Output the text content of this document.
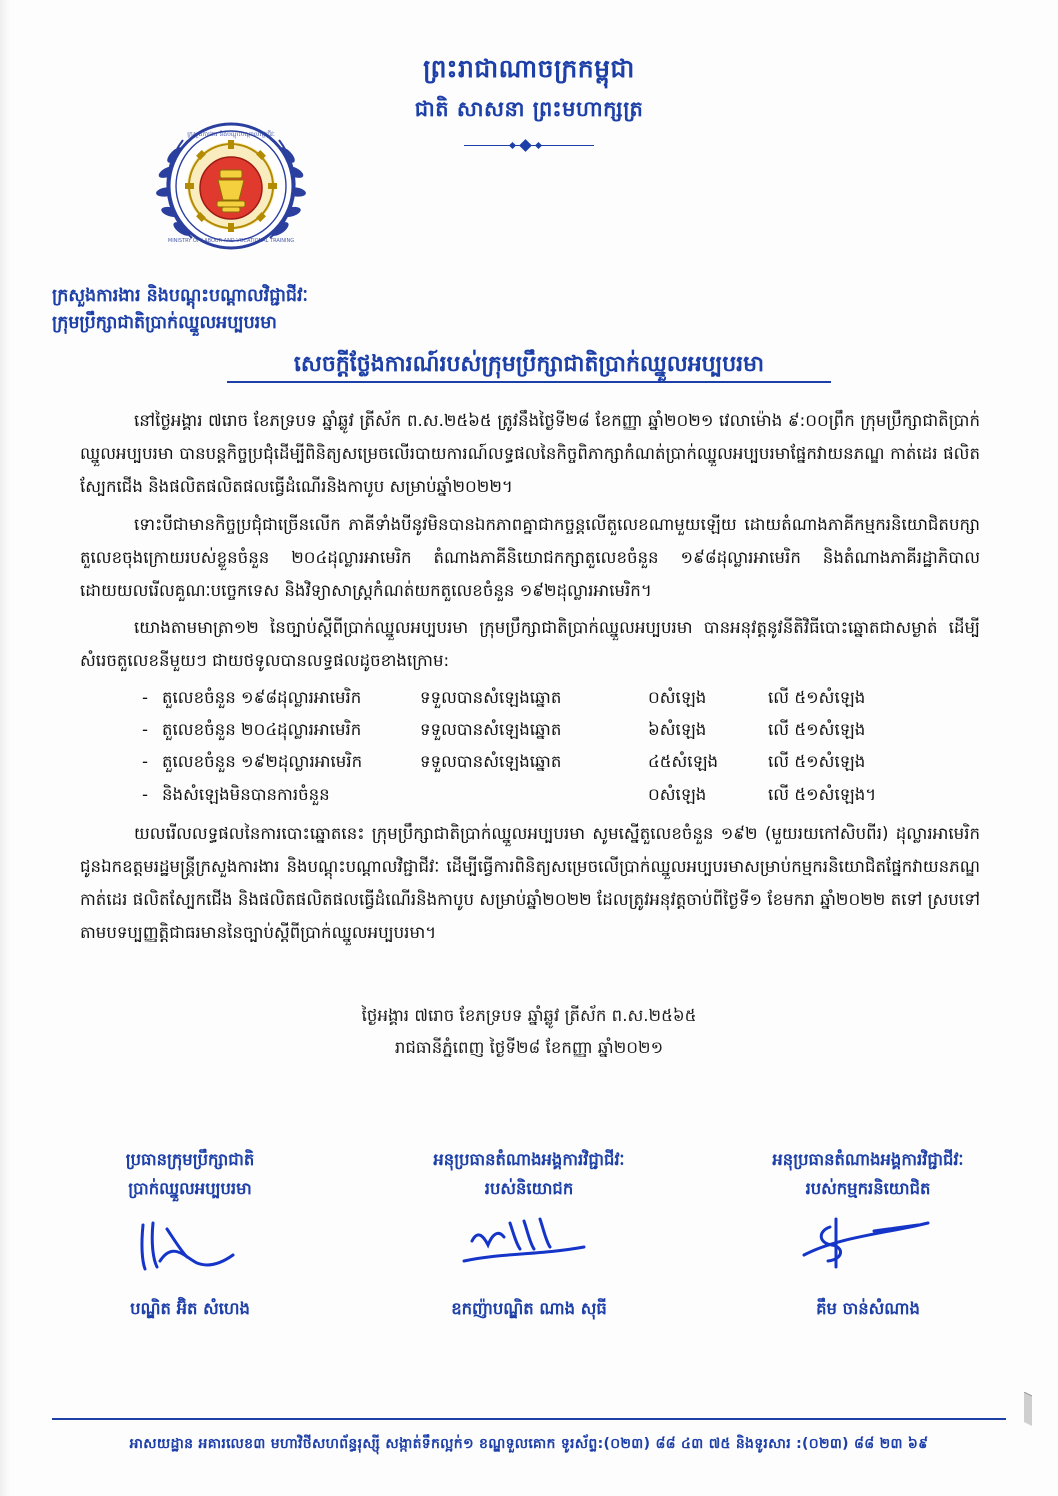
ក្រសួងការងារ និងបណ្តុះបណ្តាលវិជ្ជាជីវៈ
MINISTRY OF LABOUR AND VOCATIONAL TRAINING
ព្រះរាជាណាចក្រកម្ពុជា
ជាតិ សាសនា ព្រះមហាក្សត្រ
ក្រសួងការងារ និងបណ្តុះបណ្តាលវិជ្ជាជីវៈ
ក្រុមប្រឹក្សាជាតិប្រាក់ឈ្នួលអប្បបរមា
សេចក្តីថ្លែងការណ៍របស់ក្រុមប្រឹក្សាជាតិប្រាក់ឈ្នួលអប្បបរមា

នៅថ្ងៃអង្គារ ៧រោច ខែភទ្របទ ឆ្នាំឆ្លូវ ត្រីស័ក ព.ស.២៥៦៥ ត្រូវនឹងថ្ងៃទី២៨ ខែកញ្ញា ឆ្នាំ២០២១ វេលាម៉ោង ៩:០០ព្រឹក ក្រុមប្រឹក្សាជាតិប្រាក់ឈ្នួលអប្បបរមា បានបន្តកិច្ចប្រជុំដើម្បីពិនិត្យសម្រេចលើរបាយការណ៍លទ្ធផលនៃកិច្ចពិភាក្សាកំណត់ប្រាក់ឈ្នួលអប្បបរមាផ្នែកវាយនភណ្ឌ កាត់ដេរ ផលិតស្បែកជើង និងផលិតផលិតផលធ្វើដំណើរនិងកាបូប សម្រាប់ឆ្នាំ២០២២។

ទោះបីជាមានកិច្ចប្រជុំជាច្រើនលើក ភាគីទាំងបីនូវមិនបានឯកភាពគ្នាជាកច្ចន្តលើតួលេខណាមួយឡើយ ដោយតំណាងភាគីកម្មករនិយោជិតបក្សាតួលេខចុងក្រោយរបស់ខ្លួនចំនួន ២០៤ដុល្លារអាមេរិក តំណាងភាគីនិយោជកក្សាតួលេខចំនួន ១៩៨ដុល្លារអាមេរិក និងតំណាងភាគីរដ្ឋាភិបាល ដោយយលរើលគួណៈបច្ចេកទេស និងវិទ្យាសាស្ត្រកំណត់យកតួលេខចំនួន ១៩២ដុល្លារអាមេរិក។

យោងតាមមាត្រា១២ នៃច្បាប់ស្តីពីប្រាក់ឈ្នួលអប្បបរមា ក្រុមប្រឹក្សាជាតិប្រាក់ឈ្នួលអប្បបរមា បានអនុវត្តនូវនីតិវិធីបោះឆ្នោតជាសម្ងាត់ ដើម្បីសំរេចតួលេខនីមួយៗ ជាយថទូលបានលទ្ធផលដូចខាងក្រោម:

- តួលេខចំនួន ១៩៨ដុល្លារអាមេរិក	ទទួលបានសំឡេងឆ្នោត	០សំឡេង	លើ ៥១សំឡេង
- តួលេខចំនួន ២០៤ដុល្លារអាមេរិក	ទទួលបានសំឡេងឆ្នោត	៦សំឡេង	លើ ៥១សំឡេង
- តួលេខចំនួន ១៩២ដុល្លារអាមេរិក	ទទួលបានសំឡេងឆ្នោត	៤៥សំឡេង	លើ ៥១សំឡេង
- និងសំឡេងមិនបានការចំនួន	០សំឡេង	លើ ៥១សំឡេង។

យលរើលលទ្ធផលនៃការបោះឆ្នោតនេះ ក្រុមប្រឹក្សាជាតិប្រាក់ឈ្នួលអប្បបរមា សូមស្នើតួលេខចំនួន ១៩២ (មួយរយកៅសិបពីរ) ដុល្លារអាមេរិក ជូនឯកឧត្តមរដ្ឋមន្ត្រីក្រសួងការងារ និងបណ្តុះបណ្តាលវិជ្ជាជីវៈ ដើម្បីធ្វើការពិនិត្យសម្រេចលើប្រាក់ឈ្នួលអប្បបរមាសម្រាប់កម្មករនិយោជិតផ្នែកវាយនភណ្ឌ កាត់ដេរ ផលិតស្បែកជើង និងផលិតផលិតផលធ្វើដំណើរនិងកាបូប សម្រាប់ឆ្នាំ២០២២ ដែលត្រូវអនុវត្តចាប់ពីថ្ងៃទី១ ខែមករា ឆ្នាំ២០២២ តទៅ ស្របទៅតាមបទប្បញ្ញត្តិជាធរមាននៃច្បាប់ស្តីពីប្រាក់ឈ្នួលអប្បបរមា។

ថ្ងៃអង្គារ ៧រោច ខែភទ្របទ ឆ្នាំឆ្លូវ ត្រីស័ក ព.ស.២៥៦៥
រាជធានីភ្នំពេញ ថ្ងៃទី២៨ ខែកញ្ញា ឆ្នាំ២០២១
ប្រធានក្រុមប្រឹក្សាជាតិ
ប្រាក់ឈ្នួលអប្បបរមា
បណ្ឌិត អ៊ិត សំហេង
អនុប្រធានតំណាងអង្គការវិជ្ជាជីវៈ
របស់និយោជក
ឧកញ៉ាបណ្ឌិត ណាង សុធី
អនុប្រធានតំណាងអង្គការវិជ្ជាជីវៈ
របស់កម្មករនិយោជិត
គឹម ចាន់សំណាង
អាសយដ្ឋាន អគារលេខ៣ មហាវិថីសហព័ន្ធរុស្ស៊ី សង្កាត់ទឹកល្អក់១ ខណ្ឌទួលគោក ទូរស័ព្ទ:(០២៣) ៨៨ ៤៣ ៧៥ និងទូរសារ :(០២៣) ៨៨ ២៣ ៦៩
